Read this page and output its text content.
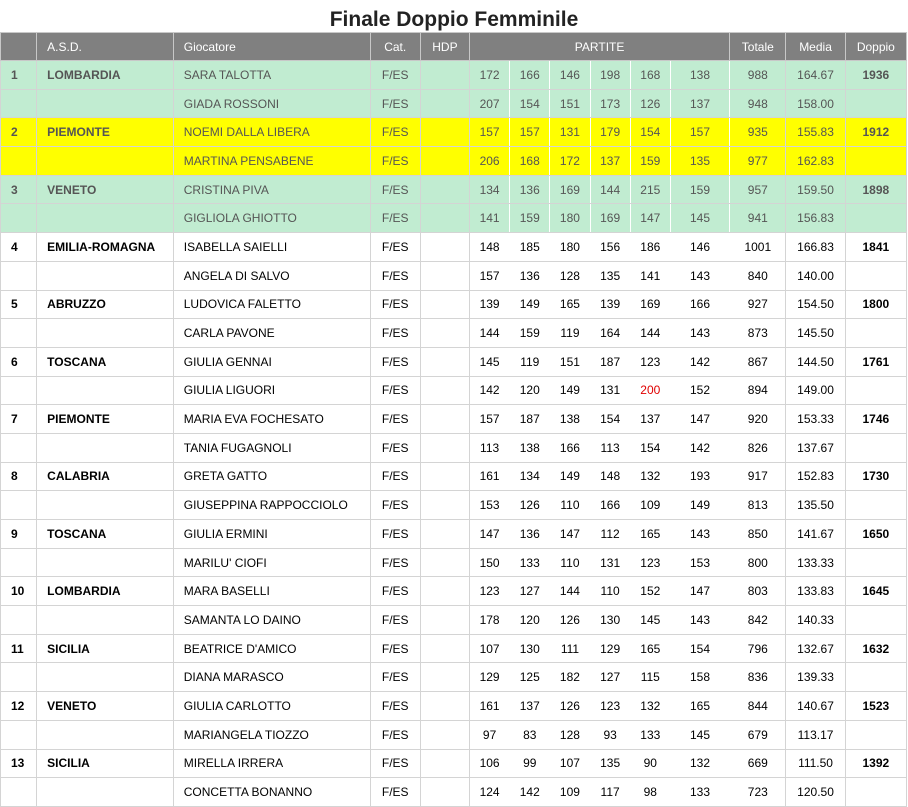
Finale Doppio Femminile
	A.S.D.	Giocatore	Cat.	HDP	PARTITE						Totale	Media	Doppio
1	LOMBARDIA	SARA TALOTTA	F/ES		172	166	146	198	168	138	988	164.67	1936
		GIADA ROSSONI	F/ES		207	154	151	173	126	137	948	158.00	
2	PIEMONTE	NOEMI DALLA LIBERA	F/ES		157	157	131	179	154	157	935	155.83	1912
		MARTINA PENSABENE	F/ES		206	168	172	137	159	135	977	162.83	
3	VENETO	CRISTINA PIVA	F/ES		134	136	169	144	215	159	957	159.50	1898
		GIGLIOLA GHIOTTO	F/ES		141	159	180	169	147	145	941	156.83	
4	EMILIA-ROMAGNA	ISABELLA SAIELLI	F/ES		148	185	180	156	186	146	1001	166.83	1841
		ANGELA DI SALVO	F/ES		157	136	128	135	141	143	840	140.00	
5	ABRUZZO	LUDOVICA FALETTO	F/ES		139	149	165	139	169	166	927	154.50	1800
		CARLA PAVONE	F/ES		144	159	119	164	144	143	873	145.50	
6	TOSCANA	GIULIA GENNAI	F/ES		145	119	151	187	123	142	867	144.50	1761
		GIULIA LIGUORI	F/ES		142	120	149	131	200	152	894	149.00	
7	PIEMONTE	MARIA EVA FOCHESATO	F/ES		157	187	138	154	137	147	920	153.33	1746
		TANIA FUGAGNOLI	F/ES		113	138	166	113	154	142	826	137.67	
8	CALABRIA	GRETA GATTO	F/ES		161	134	149	148	132	193	917	152.83	1730
		GIUSEPPINA RAPPOCCIOLO	F/ES		153	126	110	166	109	149	813	135.50	
9	TOSCANA	GIULIA ERMINI	F/ES		147	136	147	112	165	143	850	141.67	1650
		MARILU' CIOFI	F/ES		150	133	110	131	123	153	800	133.33	
10	LOMBARDIA	MARA BASELLI	F/ES		123	127	144	110	152	147	803	133.83	1645
		SAMANTA LO DAINO	F/ES		178	120	126	130	145	143	842	140.33	
11	SICILIA	BEATRICE D'AMICO	F/ES		107	130	111	129	165	154	796	132.67	1632
		DIANA MARASCO	F/ES		129	125	182	127	115	158	836	139.33	
12	VENETO	GIULIA CARLOTTO	F/ES		161	137	126	123	132	165	844	140.67	1523
		MARIANGELA TIOZZO	F/ES		97	83	128	93	133	145	679	113.17	
13	SICILIA	MIRELLA IRRERA	F/ES		106	99	107	135	90	132	669	111.50	1392
		CONCETTA BONANNO	F/ES		124	142	109	117	98	133	723	120.50	
